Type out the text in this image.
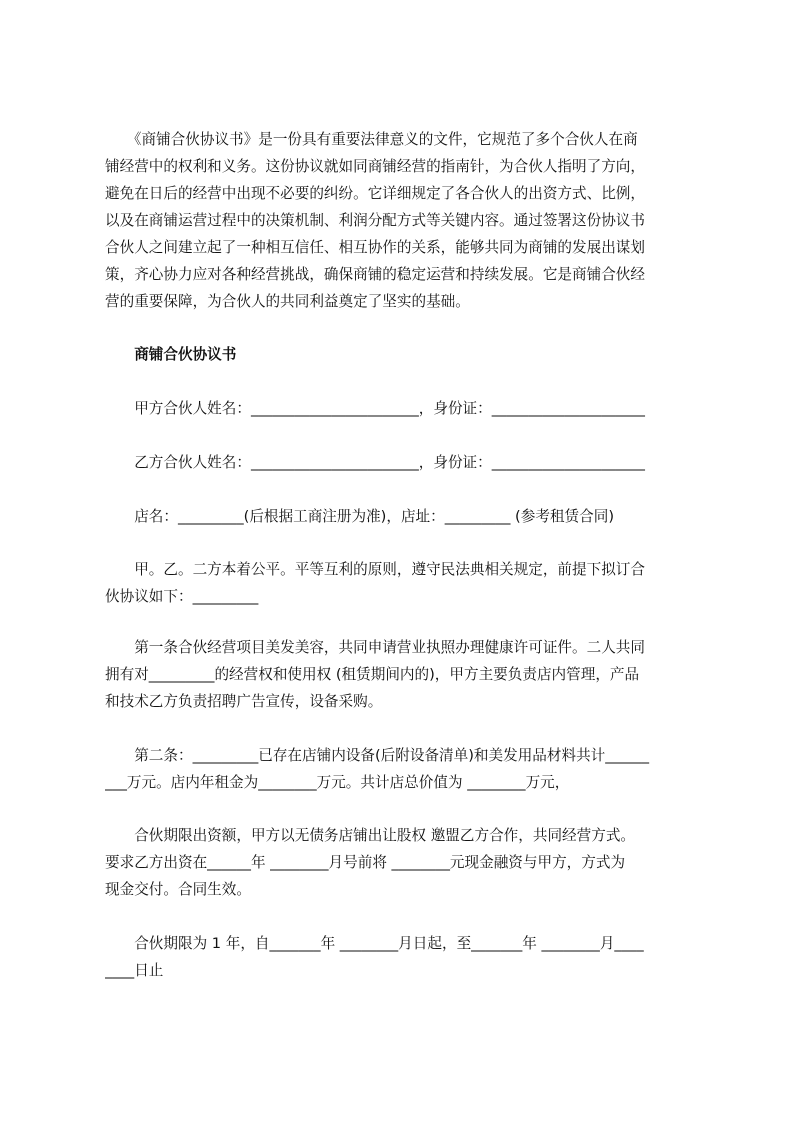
　　《商铺合伙协议书》是一份具有重要法律意义的文件，它规范了多个合伙人在商

铺经营中的权利和义务。这份协议就如同商铺经营的指南针，为合伙人指明了方向，

避免在日后的经营中出现不必要的纠纷。它详细规定了各合伙人的出资方式、比例，

以及在商铺运营过程中的决策机制、利润分配方式等关键内容。通过签署这份协议书

合伙人之间建立起了一种相互信任、相互协作的关系，能够共同为商铺的发展出谋划

策，齐心协力应对各种经营挑战，确保商铺的稳定运营和持续发展。它是商铺合伙经

营的重要保障，为合伙人的共同利益奠定了坚实的基础。

　　商铺合伙协议书

　　甲方合伙人姓名：_______________________，身份证：_____________________

　　乙方合伙人姓名：_______________________，身份证：_____________________

　　店名：_________(后根据工商注册为准)，店址：_________ (参考租赁合同)

　　甲。乙。二方本着公平。平等互利的原则，遵守民法典相关规定，前提下拟订合

伙协议如下：_________

　　第一条合伙经营项目美发美容，共同申请营业执照办理健康许可证件。二人共同

拥有对_________的经营权和使用权 (租赁期间内的)，甲方主要负责店内管理，产品

和技术乙方负责招聘广告宣传，设备采购。

　　第二条：_________已存在店铺内设备(后附设备清单)和美发用品材料共计______

___万元。店内年租金为________万元。共计店总价值为 ________万元，

　　合伙期限出资额，甲方以无债务店铺出让股权 邀盟乙方合作，共同经营方式。

要求乙方出资在______年 ________月号前将 ________元现金融资与甲方，方式为

现金交付。合同生效。

　　合伙期限为 1 年，自_______年 ________月日起，至_______年 ________月____

____日止
